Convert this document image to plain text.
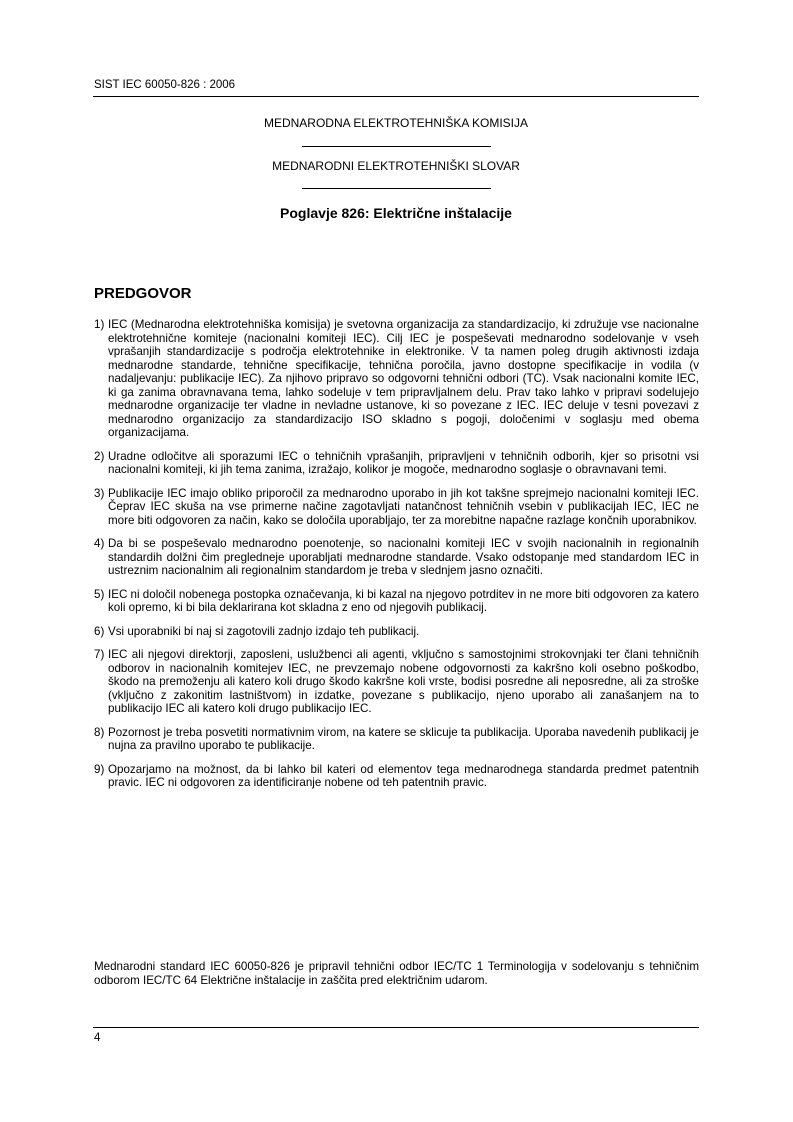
SIST IEC 60050-826 : 2006
MEDNARODNA ELEKTROTEHNIŠKA KOMISIJA
MEDNARODNI ELEKTROTEHNIŠKI SLOVAR
Poglavje 826: Električne inštalacije
PREDGOVOR
1) IEC (Mednarodna elektrotehniška komisija) je svetovna organizacija za standardizacijo, ki združuje vse nacionalne elektrotehnične komiteje (nacionalni komiteji IEC). Cilj IEC je pospeševati mednarodno sodelovanje v vseh vprašanjih standardizacije s področja elektrotehnike in elektronike. V ta namen poleg drugih aktivnosti izdaja mednarodne standarde, tehnične specifikacije, tehnična poročila, javno dostopne specifikacije in vodila (v nadaljevanju: publikacije IEC). Za njihovo pripravo so odgovorni tehnični odbori (TC). Vsak nacionalni komite IEC, ki ga zanima obravnavana tema, lahko sodeluje v tem pripravljalnem delu. Prav tako lahko v pripravi sodelujejo mednarodne organizacije ter vladne in nevladne ustanove, ki so povezane z IEC. IEC deluje v tesni povezavi z mednarodno organizacijo za standardizacijo ISO skladno s pogoji, določenimi v soglasju med obema organizacijama.
2) Uradne odločitve ali sporazumi IEC o tehničnih vprašanjih, pripravljeni v tehničnih odborih, kjer so prisotni vsi nacionalni komiteji, ki jih tema zanima, izražajo, kolikor je mogoče, mednarodno soglasje o obravnavani temi.
3) Publikacije IEC imajo obliko priporočil za mednarodno uporabo in jih kot takšne sprejmejo nacionalni komiteji IEC. Čeprav IEC skuša na vse primerne načine zagotavljati natančnost tehničnih vsebin v publikacijah IEC, IEC ne more biti odgovoren za način, kako se določila uporabljajo, ter za morebitne napačne razlage končnih uporabnikov.
4) Da bi se pospeševalo mednarodno poenotenje, so nacionalni komiteji IEC v svojih nacionalnih in regionalnih standardih dolžni čim pregledneje uporabljati mednarodne standarde. Vsako odstopanje med standardom IEC in ustreznim nacionalnim ali regionalnim standardom je treba v slednjem jasno označiti.
5) IEC ni določil nobenega postopka označevanja, ki bi kazal na njegovo potrditev in ne more biti odgovoren za katero koli opremo, ki bi bila deklarirana kot skladna z eno od njegovih publikacij.
6) Vsi uporabniki bi naj si zagotovili zadnjo izdajo teh publikacij.
7) IEC ali njegovi direktorji, zaposleni, uslužbenci ali agenti, vključno s samostojnimi strokovnjaki ter člani tehničnih odborov in nacionalnih komitejev IEC, ne prevzemajo nobene odgovornosti za kakršno koli osebno poškodbo, škodo na premoženju ali katero koli drugo škodo kakršne koli vrste, bodisi posredne ali neposredne, ali za stroške (vključno z zakonitim lastništvom) in izdatke, povezane s publikacijo, njeno uporabo ali zanašanjem na to publikacijo IEC ali katero koli drugo publikacijo IEC.
8) Pozornost je treba posvetiti normativnim virom, na katere se sklicuje ta publikacija. Uporaba navedenih publikacij je nujna za pravilno uporabo te publikacije.
9) Opozarjamo na možnost, da bi lahko bil kateri od elementov tega mednarodnega standarda predmet patentnih pravic. IEC ni odgovoren za identificiranje nobene od teh patentnih pravic.
Mednarodni standard IEC 60050-826 je pripravil tehnični odbor IEC/TC 1 Terminologija v sodelovanju s tehničnim odborom IEC/TC 64 Električne inštalacije in zaščita pred električnim udarom.
4
